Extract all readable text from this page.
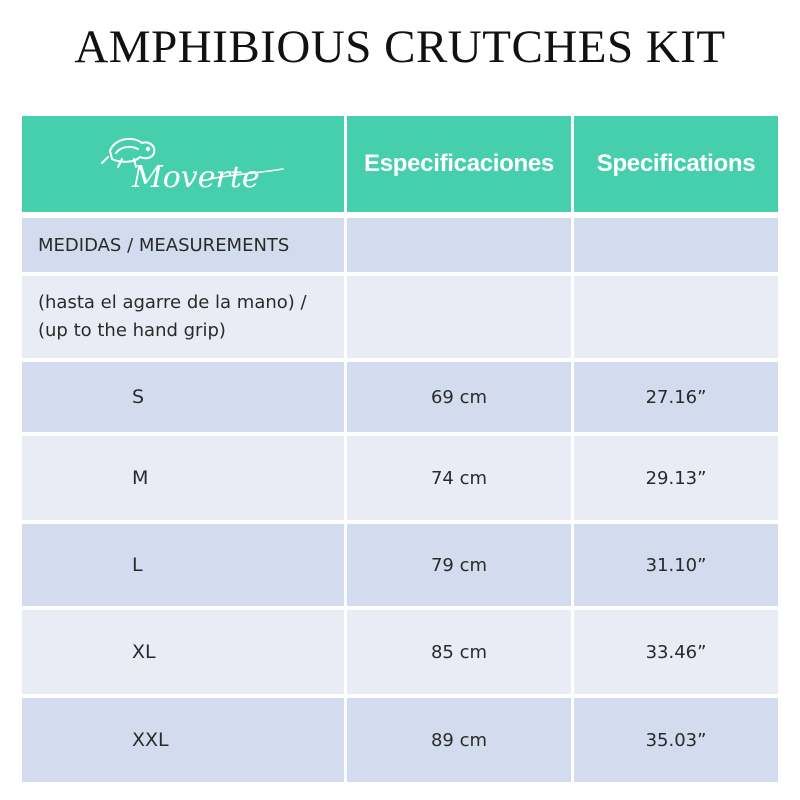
AMPHIBIOUS CRUTCHES KIT
Moverte	Especificaciones	Specifications
MEDIDAS / MEASUREMENTS
(hasta el agarre de la mano) /
(up to the hand grip)
S	69 cm	27.16”
M	74 cm	29.13”
L	79 cm	31.10”
XL	85 cm	33.46”
XXL	89 cm	35.03”
